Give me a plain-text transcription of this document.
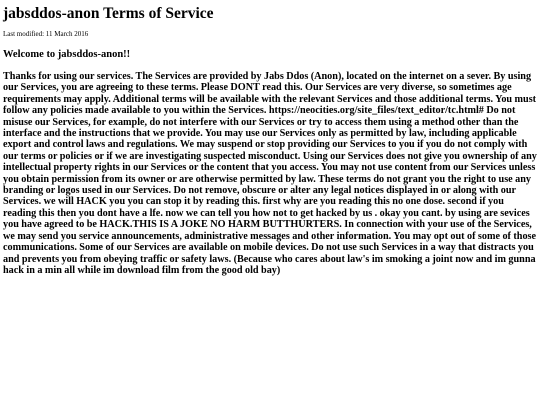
jabsddos-anon Terms of Service

Last modified: 11 March 2016

Welcome to jabsddos-anon!!

Thanks for using our services. The Services are provided by Jabs Ddos (Anon), located on the internet on a sever. By using our Services, you are agreeing to these terms. Please DONT read this. Our Services are very diverse, so sometimes age requirements may apply. Additional terms will be available with the relevant Services and those additional terms. You must follow any policies made available to you within the Services. https://neocities.org/site_files/text_editor/tc.html# Do not misuse our Services, for example, do not interfere with our Services or try to access them using a method other than the interface and the instructions that we provide. You may use our Services only as permitted by law, including applicable export and control laws and regulations. We may suspend or stop providing our Services to you if you do not comply with our terms or policies or if we are investigating suspected misconduct. Using our Services does not give you ownership of any intellectual property rights in our Services or the content that you access. You may not use content from our Services unless you obtain permission from its owner or are otherwise permitted by law. These terms do not grant you the right to use any branding or logos used in our Services. Do not remove, obscure or alter any legal notices displayed in or along with our Services. we will HACK you you can stop it by reading this. first why are you reading this no one dose. second if you reading this then you dont have a lfe. now we can tell you how not to get hacked by us . okay you cant. by using are sevices you have agreed to be HACK.THIS IS A JOKE NO HARM BUTTHURTERS. In connection with your use of the Services, we may send you service announcements, administrative messages and other information. You may opt out of some of those communications. Some of our Services are available on mobile devices. Do not use such Services in a way that distracts you and prevents you from obeying traffic or safety laws. (Because who cares about law's im smoking a joint now and im gunna hack in a min all while im download film from the good old bay)
